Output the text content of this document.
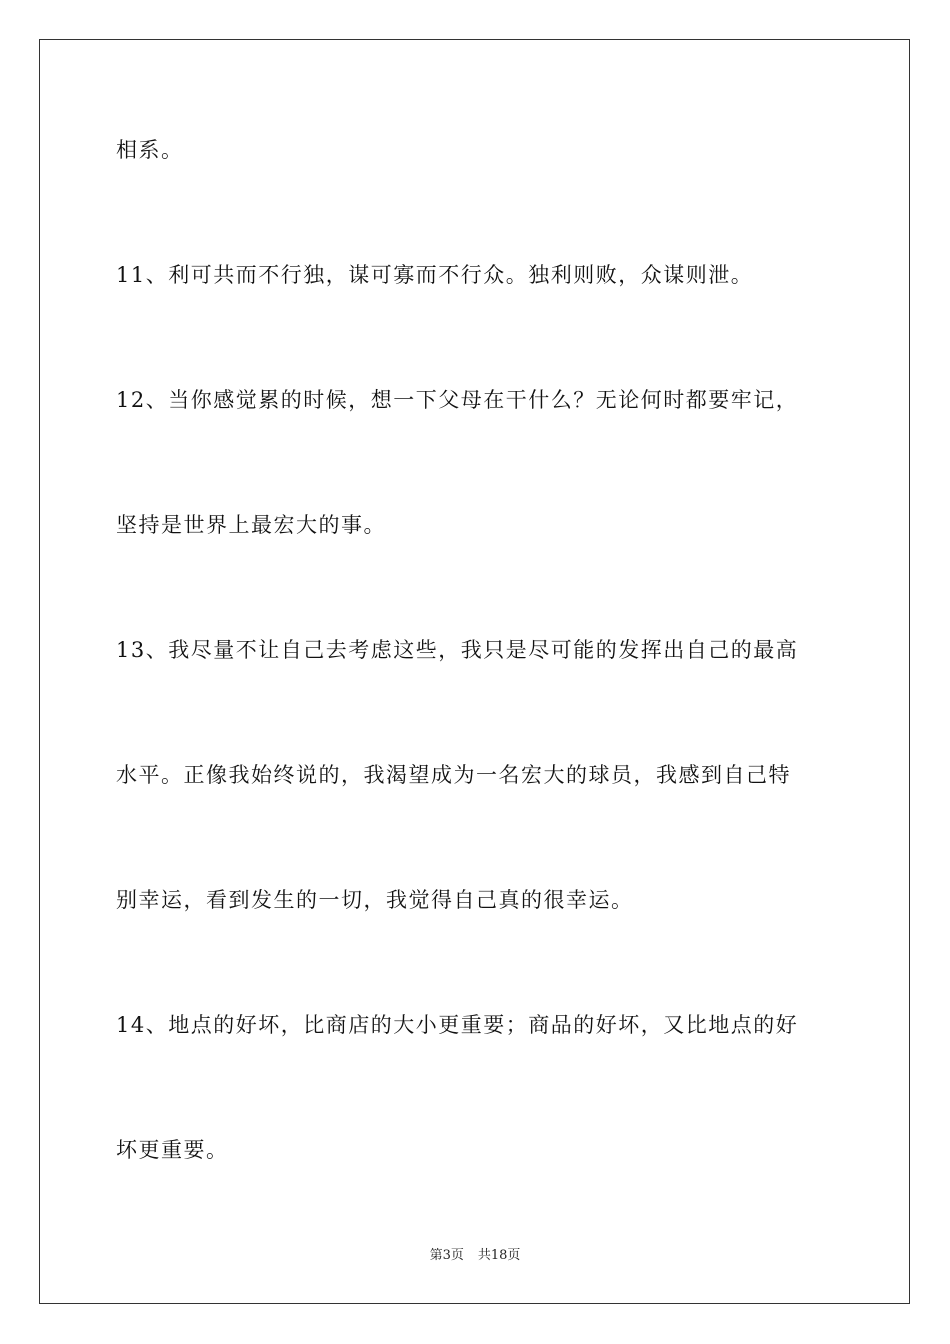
相系。
11、利可共而不行独，谋可寡而不行众。独利则败，众谋则泄。
12、当你感觉累的时候，想一下父母在干什么？无论何时都要牢记，
坚持是世界上最宏大的事。
13、我尽量不让自己去考虑这些，我只是尽可能的发挥出自己的最高
水平。正像我始终说的，我渴望成为一名宏大的球员，我感到自己特
别幸运，看到发生的一切，我觉得自己真的很幸运。
14、地点的好坏，比商店的大小更重要；商品的好坏，又比地点的好
坏更重要。
第3页 共18页
